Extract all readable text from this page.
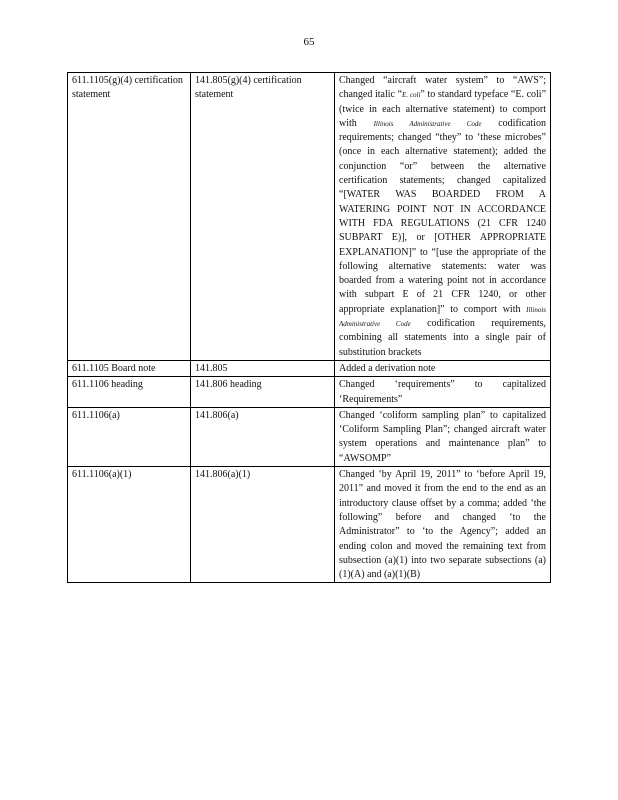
65
611.1105(g)(4) certification statement	141.805(g)(4) certification statement	Changed “aircraft water system” to “AWS”; changed italic “E. coli” to standard typeface “E. coli” (twice in each alternative statement) to comport with Illinois Administrative Code codification requirements; changed “they” to ‘these microbes” (once in each alternative statement); added the conjunction “or” between the alternative certification statements; changed capitalized “[WATER WAS BOARDED FROM A WATERING POINT NOT IN ACCORDANCE WITH FDA REGULATIONS (21 CFR 1240 SUBPART E)], or [OTHER APPROPRIATE EXPLANATION]” to “[use the appropriate of the following alternative statements: water was boarded from a watering point not in accordance with subpart E of 21 CFR 1240, or other appropriate explanation]” to comport with Illinois Administrative Code codification requirements, combining all statements into a single pair of substitution brackets
611.1105 Board note	141.805	Added a derivation note
611.1106 heading	141.806 heading	Changed ‘requirements” to capitalized ‘Requirements”
611.1106(a)	141.806(a)	Changed ‘coliform sampling plan” to capitalized ‘Coliform Sampling Plan”; changed aircraft water system operations and maintenance plan” to “AWSOMP”
611.1106(a)(1)	141.806(a)(1)	Changed ‘by April 19, 2011” to ‘before April 19, 2011” and moved it from the end to the end as an introductory clause offset by a comma; added ‘the following” before and changed ‘to the Administrator” to ‘to the Agency”; added an ending colon and moved the remaining text from subsection (a)(1) into two separate subsections (a)(1)(A) and (a)(1)(B)
